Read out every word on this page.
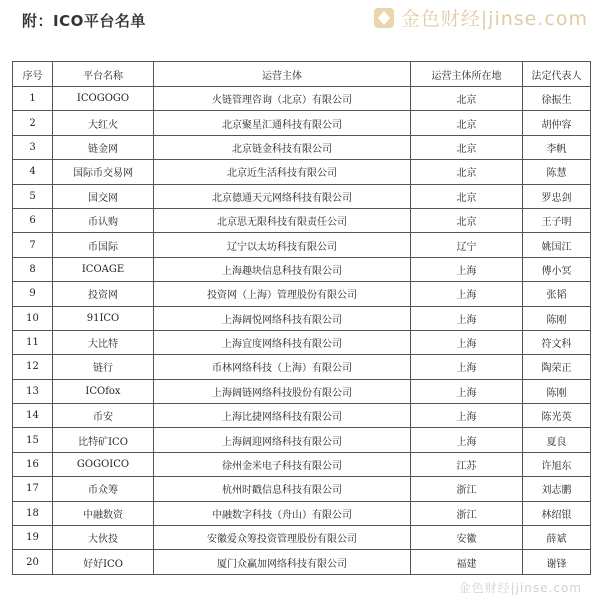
附：ICO平台名单	金色财经|jinse.com
序号	平台名称	运营主体	运营主体所在地	法定代表人
1	ICOGOGO	火链管理咨询（北京）有限公司	北京	徐振生
2	大红火	北京聚星汇通科技有限公司	北京	胡仲容
3	链金网	北京链金科技有限公司	北京	李帆
4	国际币交易网	北京近生活科技有限公司	北京	陈慧
5	国交网	北京德通天元网络科技有限公司	北京	罗忠剑
6	币认购	北京思无限科技有限责任公司	北京	王子明
7	币国际	辽宁以太坊科技有限公司	辽宁	姚国江
8	ICOAGE	上海趣块信息科技有限公司	上海	傅小冥
9	投资网	投资网（上海）管理股份有限公司	上海	张韬
10	91ICO	上海阔悦网络科技有限公司	上海	陈刚
11	大比特	上海宜度网络科技有限公司	上海	符文科
12	链行	币林网络科技（上海）有限公司	上海	陶荣正
13	ICOfox	上海阔链网络科技股份有限公司	上海	陈刚
14	币安	上海比捷网络科技有限公司	上海	陈光英
15	比特矿ICO	上海阔迎网络科技有限公司	上海	夏良
16	GOGOICO	徐州金米电子科技有限公司	江苏	许旭东
17	币众筹	杭州时戳信息科技有限公司	浙江	刘志鹏
18	中融数资	中融数字科技（舟山）有限公司	浙江	林绍银
19	大伙投	安徽爱众筹投资管理股份有限公司	安徽	薛斌
20	好好ICO	厦门众赢加网络科技有限公司	福建	谢锋
金色财经|jinse.com
